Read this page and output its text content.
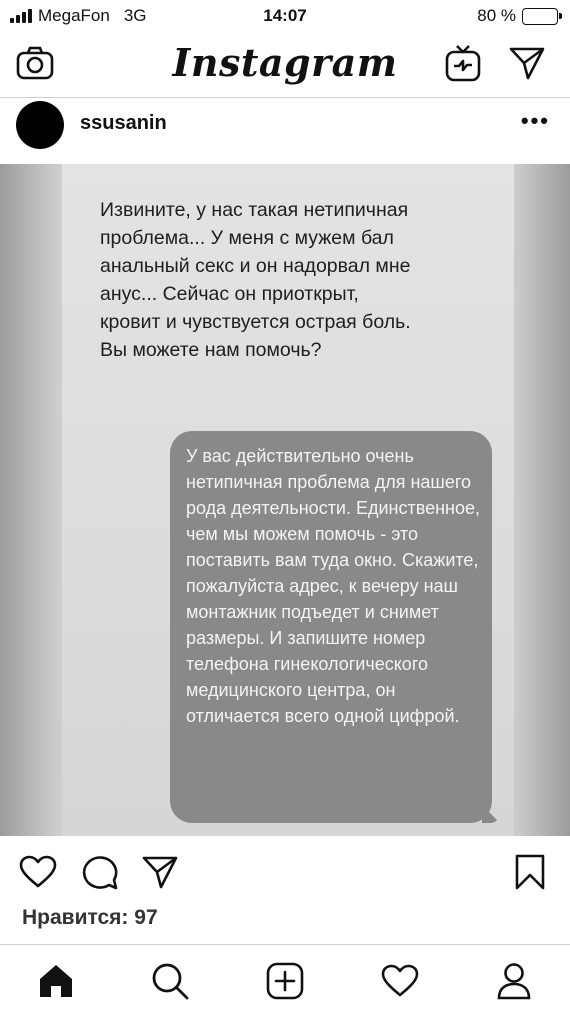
MegaFon 3G	14:07	80 %
Instagram
ssusanin	•••
Извините, у нас такая нетипичная проблема... У меня с мужем бал анальный секс и он надорвал мне анус... Сейчас он приоткрыт, кровит и чувствуется острая боль. Вы можете нам помочь?
У вас действительно очень нетипичная проблема для нашего рода деятельности. Единственное, чем мы можем помочь - это поставить вам туда окно. Скажите, пожалуйста адрес, к вечеру наш монтажник подъедет и снимет размеры. И запишите номер телефона гинекологического медицинского центра, он отличается всего одной цифрой.
Нравится: 97
